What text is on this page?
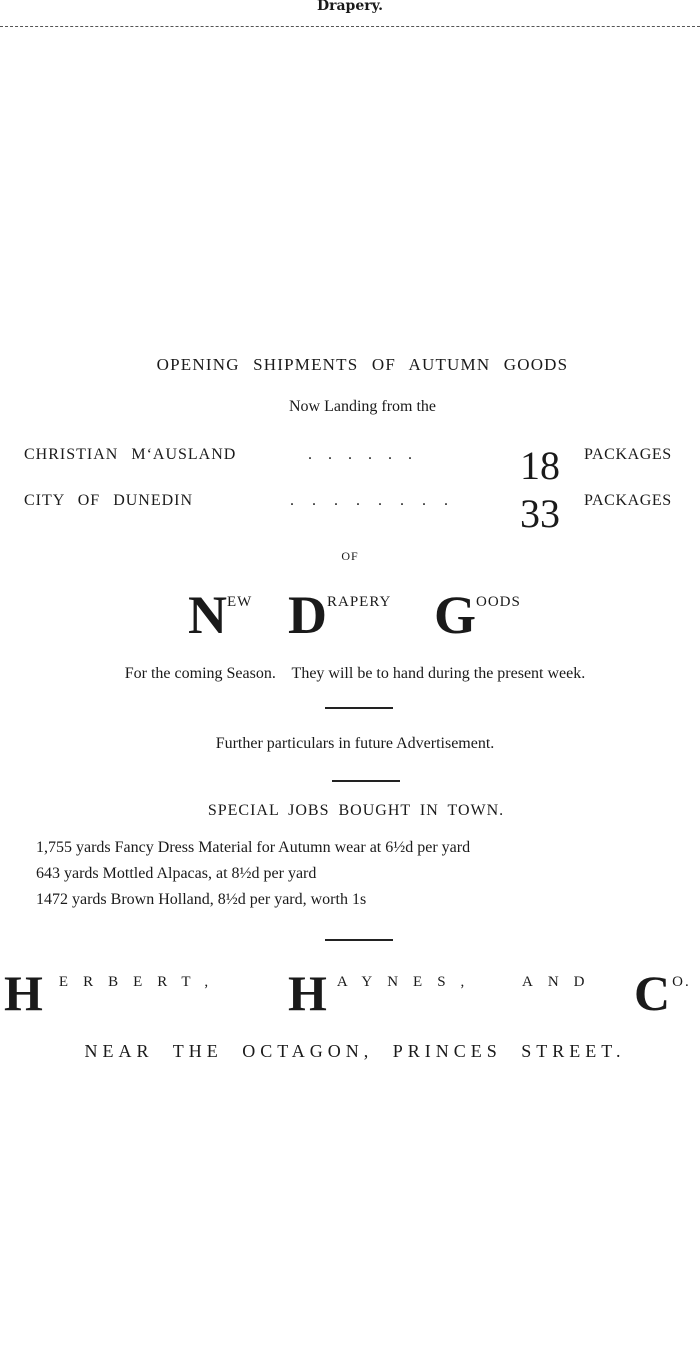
Drapery.
OPENING SHIPMENTS OF AUTUMN GOODS
Now Landing from the
CHRISTIAN M‘AUSLAND	. . . . . .	18 PACKAGES
CITY OF DUNEDIN	. . . . . . . . 33 PACKAGES
OF
NEW DRAPERY GOODS
For the coming Season.    They will be to hand during the present week.
Further particulars in future Advertisement.
SPECIAL JOBS BOUGHT IN TOWN.
1,755 yards Fancy Dress Material for Autumn wear at 6½d per yard
643 yards Mottled Alpacas, at 8½d per yard
1472 yards Brown Holland, 8½d per yard, worth 1s
H ERBERT, H AYNES,	AND C O.
NEAR THE OCTAGON, PRINCES STREET.
